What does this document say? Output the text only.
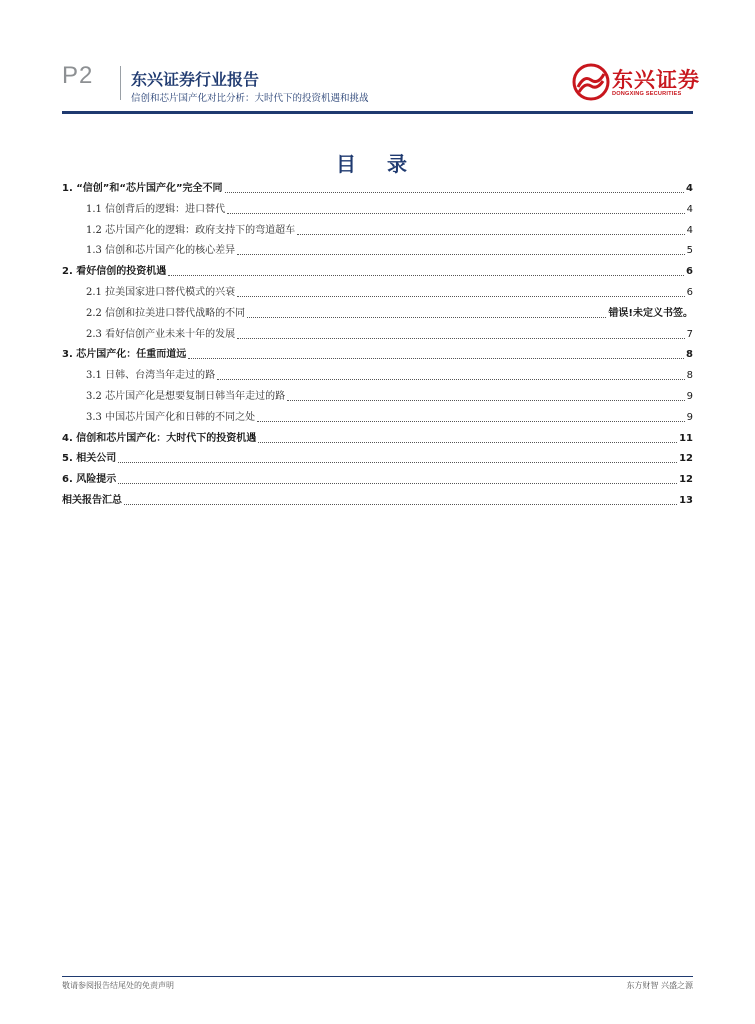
P2 东兴证券行业报告
信创和芯片国产化对比分析：大时代下的投资机遇和挑战
东兴证券
DONGXING SECURITIES
目 录
1. “信创”和“芯片国产化”完全不同	4
1.1 信创背后的逻辑：进口替代	4
1.2 芯片国产化的逻辑：政府支持下的弯道超车	4
1.3 信创和芯片国产化的核心差异	5
2. 看好信创的投资机遇	6
2.1 拉美国家进口替代模式的兴衰	6
2.2 信创和拉美进口替代战略的不同	错误!未定义书签。
2.3 看好信创产业未来十年的发展	7
3. 芯片国产化：任重而道远	8
3.1 日韩、台湾当年走过的路	8
3.2 芯片国产化是想要复制日韩当年走过的路	9
3.3 中国芯片国产化和日韩的不同之处	9
4. 信创和芯片国产化：大时代下的投资机遇	11
5. 相关公司	12
6. 风险提示	12
相关报告汇总	13
敬请参阅报告结尾处的免责声明	东方财智 兴盛之源
